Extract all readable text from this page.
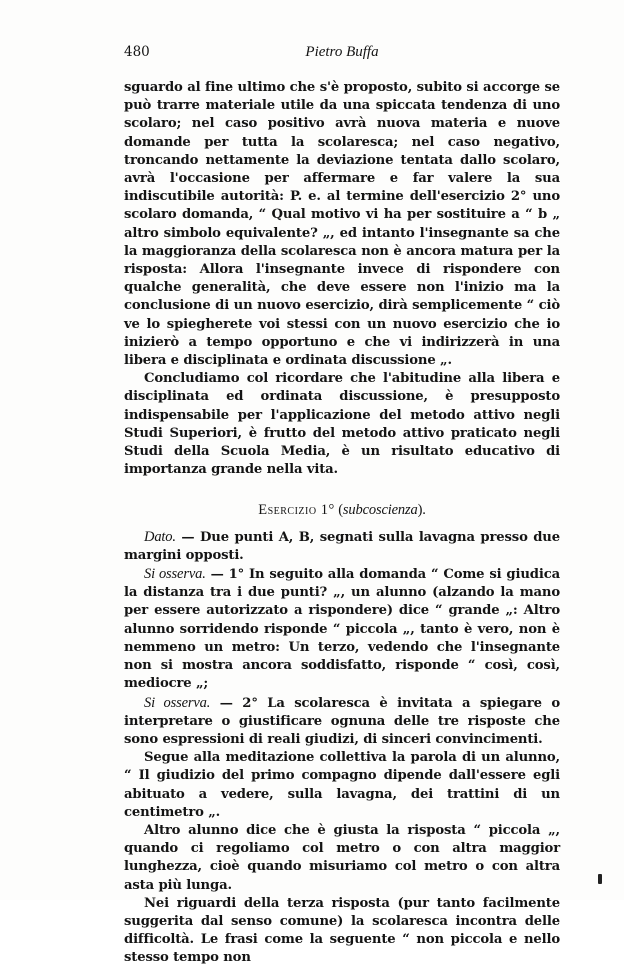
480	Pietro Buffa

sguardo al fine ultimo che s'è proposto, subito si accorge se può trarre materiale utile da una spiccata tendenza di uno scolaro; nel caso positivo avrà nuova materia e nuove domande per tutta la scolaresca; nel caso negativo, troncando nettamente la deviazione tentata dallo scolaro, avrà l'occasione per affermare e far valere la sua indiscutibile autorità: P. e. al termine dell'esercizio 2° uno scolaro domanda, “ Qual motivo vi ha per sostituire a “ b „ altro simbolo equivalente? „, ed intanto l'insegnante sa che la maggioranza della scolaresca non è ancora matura per la risposta: Allora l'insegnante invece di rispondere con qualche generalità, che deve essere non l'inizio ma la conclusione di un nuovo esercizio, dirà semplicemente “ ciò ve lo spiegherete voi stessi con un nuovo esercizio che io inizierò a tempo opportuno e che vi indirizzerà in una libera e disciplinata e ordinata discussione „.

Concludiamo col ricordare che l'abitudine alla libera e disciplinata ed ordinata discussione, è presupposto indispensabile per l'applicazione del metodo attivo negli Studi Superiori, è frutto del metodo attivo praticato negli Studi della Scuola Media, è un risultato educativo di importanza grande nella vita.

Esercizio 1° (subcoscienza).

Dato. — Due punti A, B, segnati sulla lavagna presso due margini opposti.

Si osserva. — 1° In seguito alla domanda “ Come si giudica la distanza tra i due punti? „, un alunno (alzando la mano per essere autorizzato a rispondere) dice “ grande „: Altro alunno sorridendo risponde “ piccola „, tanto è vero, non è nemmeno un metro: Un terzo, vedendo che l'insegnante non si mostra ancora soddisfatto, risponde “ così, così, mediocre „;

Si osserva. — 2° La scolaresca è invitata a spiegare o interpretare o giustificare ognuna delle tre risposte che sono espressioni di reali giudizi, di sinceri convincimenti.

Segue alla meditazione collettiva la parola di un alunno, “ Il giudizio del primo compagno dipende dall'essere egli abituato a vedere, sulla lavagna, dei trattini di un centimetro „.

Altro alunno dice che è giusta la risposta “ piccola „, quando ci regoliamo col metro o con altra maggior lunghezza, cioè quando misuriamo col metro o con altra asta più lunga.

Nei riguardi della terza risposta (pur tanto facilmente suggerita dal senso comune) la scolaresca incontra delle difficoltà. Le frasi come la seguente “ non piccola e nello stesso tempo non
